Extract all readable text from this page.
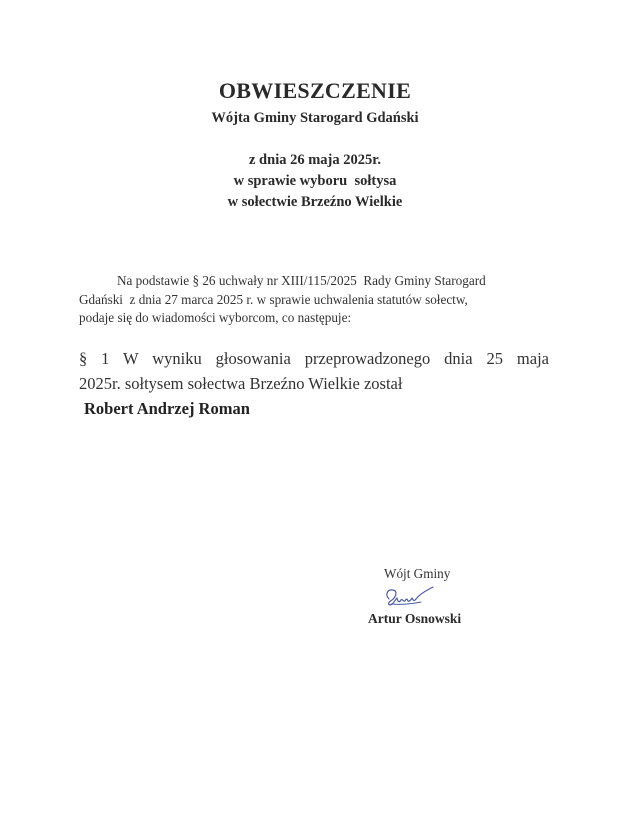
OBWIESZCZENIE
Wójta Gminy Starogard Gdański
z dnia 26 maja 2025r.
w sprawie wyboru  sołtysa
w sołectwie Brzeźno Wielkie
Na podstawie § 26 uchwały nr XIII/115/2025  Rady Gminy Starogard
Gdański  z dnia 27 marca 2025 r. w sprawie uchwalenia statutów sołectw,
podaje się do wiadomości wyborcom, co następuje:
§ 1 W wyniku głosowania przeprowadzonego dnia 25 maja
2025r. sołtysem sołectwa Brzeźno Wielkie został
Robert Andrzej Roman
Wójt Gminy
Artur Osnowski
